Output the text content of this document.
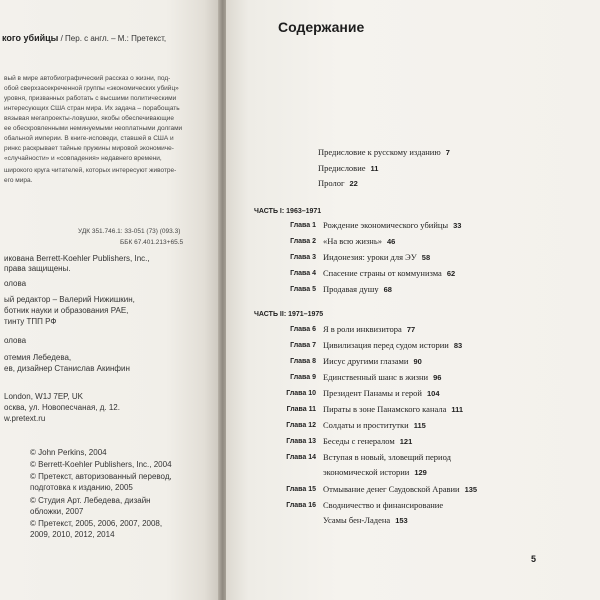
кого убийцы / Пер. с англ. – М.: Претекст,
вый в мире автобиографический рассказ о жизни, под-
обой сверхзасекреченной группы «экономических убийц»
уровня, призванных работать с высшими политическими
интересующих США стран мира. Их задача – порабощать
вязывая мегапроекты-ловушки, якобы обеспечивающие
ее обескровленными неминуемыми неоплатными долгами
обальной империи. В книге-исповеди, ставшей в США и
ринкс раскрывает тайные пружины мировой экономиче-
«случайности» и «совпадения» недавнего времени,
широкого круга читателей, которых интересуют животре-
его мира.
УДК 351.746.1: 33-051 (73) (093.3)
ББК 67.401.213+65.5
икована Berrett-Koehler Publishers, Inc.,
права защищены.
олова
ый редактор – Валерий Нижишкин,
ботник науки и образования РАЕ,
тинту ТПП РФ
олова
отемия Лебедева,
ев, дизайнер Станислав Акинфин
London, W1J 7EP, UK
осква, ул. Новопесчаная, д. 12.
w.pretext.ru
© John Perkins, 2004
© Berrett-Koehler Publishers, Inc., 2004
© Претекст, авторизованный перевод,
подготовка к изданию, 2005
© Студия Арт. Лебедева, дизайн
обложки, 2007
© Претекст, 2005, 2006, 2007, 2008,
2009, 2010, 2012, 2014
Содержание
Предисловие к русскому изданию 7
Предисловие 11
Пролог 22
ЧАСТЬ I: 1963–1971
Глава 1 Рождение экономического убийцы 33
Глава 2 «На всю жизнь» 46
Глава 3 Индонезия: уроки для ЭУ 58
Глава 4 Спасение страны от коммунизма 62
Глава 5 Продавая душу 68
ЧАСТЬ II: 1971–1975
Глава 6 Я в роли инквизитора 77
Глава 7 Цивилизация перед судом истории 83
Глава 8 Иисус другими глазами 90
Глава 9 Единственный шанс в жизни 96
Глава 10 Президент Панамы и герой 104
Глава 11 Пираты в зоне Панамского канала 111
Глава 12 Солдаты и проститутки 115
Глава 13 Беседы с генералом 121
Глава 14 Вступая в новый, зловещий период
экономической истории 129
Глава 15 Отмывание денег Саудовской Аравии 135
Глава 16 Сводничество и финансирование
Усамы бен-Ладена 153
5
